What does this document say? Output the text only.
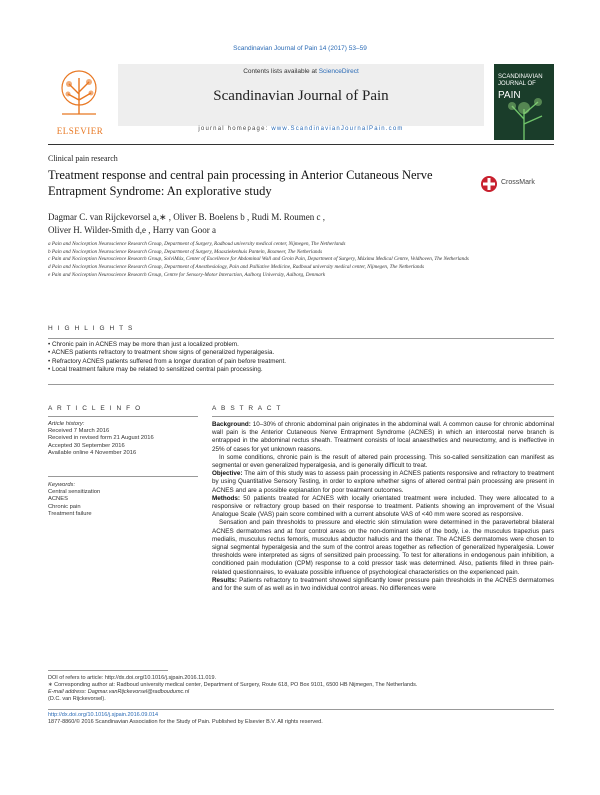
Scandinavian Journal of Pain 14 (2017) 53–59
ELSEVIER
Contents lists available at ScienceDirect
Scandinavian Journal of Pain
journal homepage: www.ScandinavianJournalPain.com
SCANDINAVIAN
JOURNAL OF
PAIN
Clinical pain research
Treatment response and central pain processing in Anterior Cutaneous Nerve Entrapment Syndrome: An explorative study
CrossMark
Dagmar C. van Rijckevorsel a,∗ , Oliver B. Boelens b , Rudi M. Roumen c ,
Oliver H. Wilder-Smith d,e , Harry van Goor a
a Pain and Nociception Neuroscience Research Group, Department of Surgery, Radboud university medical center, Nijmegen, The Netherlands
b Pain and Nociception Neuroscience Research Group, Department of Surgery, Maasziekenhuis Pantein, Boxmeer, The Netherlands
c Pain and Nociception Neuroscience Research Group, SolviMáx, Center of Excellence for Abdominal Wall and Groin Pain, Department of Surgery, Máxima Medical Centre, Veldhoven, The Netherlands
d Pain and Nociception Neuroscience Research Group, Department of Anesthesiology, Pain and Palliative Medicine, Radboud university medical center, Nijmegen, The Netherlands
e Pain and Nociception Neuroscience Research Group, Centre for Sensory-Motor Interaction, Aalborg University, Aalborg, Denmark
H I G H L I G H T S
• Chronic pain in ACNES may be more than just a localized problem.
• ACNES patients refractory to treatment show signs of generalized hyperalgesia.
• Refractory ACNES patients suffered from a longer duration of pain before treatment.
• Local treatment failure may be related to sensitized central pain processing.
A R T I C L E I N F O
Article history:
Received 7 March 2016
Received in revised form 21 August 2016
Accepted 30 September 2016
Available online 4 November 2016
Keywords:
Central sensitization
ACNES
Chronic pain
Treatment failure
A B S T R A C T

Background: 10–30% of chronic abdominal pain originates in the abdominal wall. A common cause for chronic abdominal wall pain is the Anterior Cutaneous Nerve Entrapment Syndrome (ACNES) in which an intercostal nerve branch is entrapped in the abdominal rectus sheath. Treatment consists of local anaesthetics and neurectomy, and is ineffective in 25% of cases for yet unknown reasons.

In some conditions, chronic pain is the result of altered pain processing. This so-called sensitization can manifest as segmental or even generalized hyperalgesia, and is generally difficult to treat.

Objective: The aim of this study was to assess pain processing in ACNES patients responsive and refractory to treatment by using Quantitative Sensory Testing, in order to explore whether signs of altered central pain processing are present in ACNES and are a possible explanation for poor treatment outcomes.

Methods: 50 patients treated for ACNES with locally orientated treatment were included. They were allocated to a responsive or refractory group based on their response to treatment. Patients showing an improvement of the Visual Analogue Scale (VAS) pain score combined with a current absolute VAS of <40 mm were scored as responsive.

Sensation and pain thresholds to pressure and electric skin stimulation were determined in the paravertebral bilateral ACNES dermatomes and at four control areas on the non-dominant side of the body, i.e. the musculus trapezius pars medialis, musculus rectus femoris, musculus abductor hallucis and the thenar. The ACNES dermatomes were chosen to signal segmental hyperalgesia and the sum of the control areas together as reflection of generalized hyperalgesia. Lower thresholds were interpreted as signs of sensitized pain processing. To test for alterations in endogenous pain inhibition, a conditioned pain modulation (CPM) response to a cold pressor task was determined. Also, patients filled in three pain-related questionnaires, to evaluate possible influence of psychological characteristics on the experienced pain.

Results: Patients refractory to treatment showed significantly lower pressure pain thresholds in the ACNES dermatomes and for the sum of as well as in two individual control areas. No differences were

DOI of refers to article: http://dx.doi.org/10.1016/j.sjpain.2016.11.019.
∗ Corresponding author at: Radboud university medical center, Department of Surgery, Route 618, PO Box 9101, 6500 HB Nijmegen, The Netherlands.
E-mail address: Dagmar.vanRijckevorsel@radboudumc.nl
(D.C. van Rijckevorsel).
http://dx.doi.org/10.1016/j.sjpain.2016.09.014
1877-8860/© 2016 Scandinavian Association for the Study of Pain. Published by Elsevier B.V. All rights reserved.
